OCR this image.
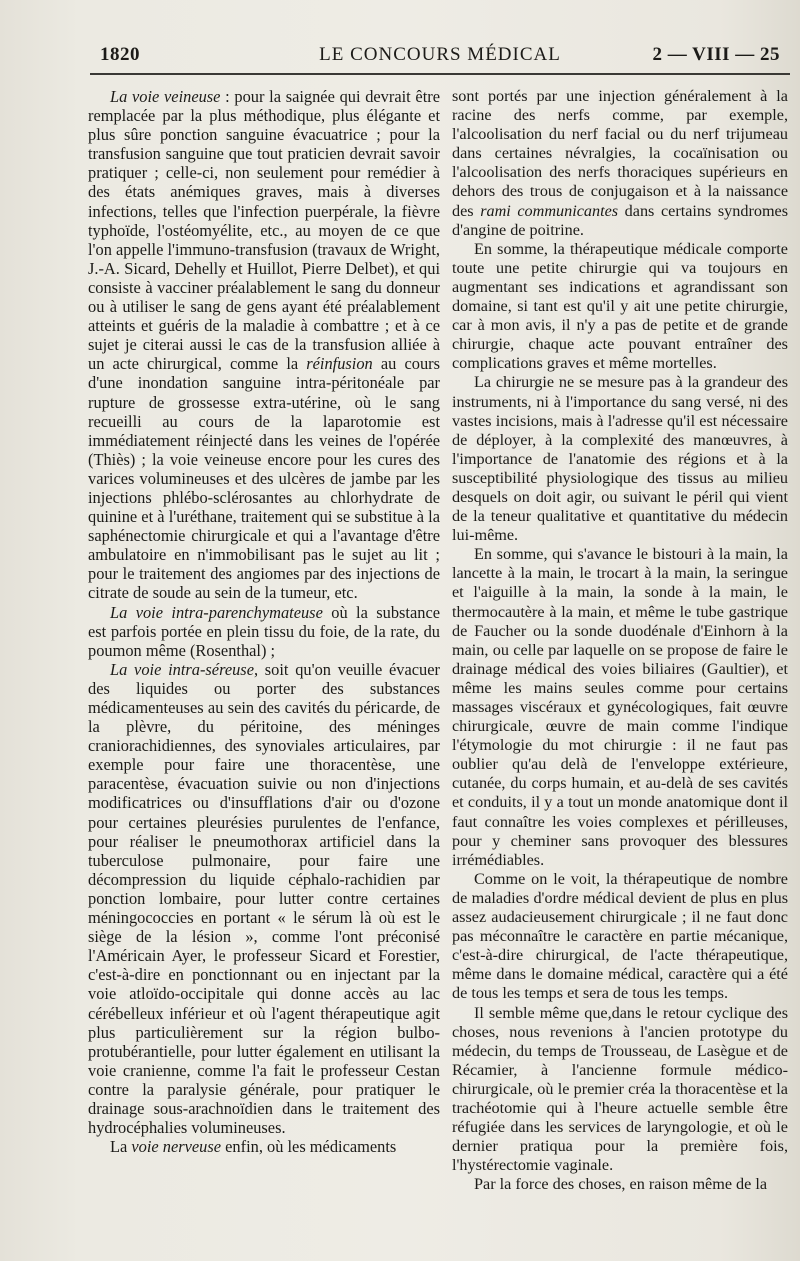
1820	LE CONCOURS MÉDICAL	2 — VIII — 25

La voie veineuse : pour la saignée qui devrait être remplacée par la plus méthodique, plus élégante et plus sûre ponction sanguine évacuatrice ; pour la transfusion sanguine que tout praticien devrait savoir pratiquer ; celle-ci, non seulement pour remédier à des états anémiques graves, mais à diverses infections, telles que l'infection puerpérale, la fièvre typhoïde, l'ostéomyélite, etc., au moyen de ce que l'on appelle l'immuno-transfusion (travaux de Wright, J.-A. Sicard, Dehelly et Huillot, Pierre Delbet), et qui consiste à vacciner préalablement le sang du donneur ou à utiliser le sang de gens ayant été préalablement atteints et guéris de la maladie à combattre ; et à ce sujet je citerai aussi le cas de la transfusion alliée à un acte chirurgical, comme la réinfusion au cours d'une inondation sanguine intra-péritonéale par rupture de grossesse extra-utérine, où le sang recueilli au cours de la laparotomie est immédiatement réinjecté dans les veines de l'opérée (Thiès) ; la voie veineuse encore pour les cures des varices volumineuses et des ulcères de jambe par les injections phlébo-sclérosantes au chlorhydrate de quinine et à l'uréthane, traitement qui se substitue à la saphénectomie chirurgicale et qui a l'avantage d'être ambulatoire en n'immobilisant pas le sujet au lit ; pour le traitement des angiomes par des injections de citrate de soude au sein de la tumeur, etc.

La voie intra-parenchymateuse où la substance est parfois portée en plein tissu du foie, de la rate, du poumon même (Rosenthal) ;

La voie intra-séreuse, soit qu'on veuille évacuer des liquides ou porter des substances médicamenteuses au sein des cavités du péricarde, de la plèvre, du péritoine, des méninges craniorachidiennes, des synoviales articulaires, par exemple pour faire une thoracentèse, une paracentèse, évacuation suivie ou non d'injections modificatrices ou d'insufflations d'air ou d'ozone pour certaines pleurésies purulentes de l'enfance, pour réaliser le pneumothorax artificiel dans la tuberculose pulmonaire, pour faire une décompression du liquide céphalo-rachidien par ponction lombaire, pour lutter contre certaines méningococcies en portant « le sérum là où est le siège de la lésion », comme l'ont préconisé l'Américain Ayer, le professeur Sicard et Forestier, c'est-à-dire en ponctionnant ou en injectant par la voie atloïdo-occipitale qui donne accès au lac cérébelleux inférieur et où l'agent thérapeutique agit plus particulièrement sur la région bulbo-protubérantielle, pour lutter également en utilisant la voie cranienne, comme l'a fait le professeur Cestan contre la paralysie générale, pour pratiquer le drainage sous-arachnoïdien dans le traitement des hydrocéphalies volumineuses.

La voie nerveuse enfin, où les médicaments

sont portés par une injection généralement à la racine des nerfs comme, par exemple, l'alcoolisation du nerf facial ou du nerf trijumeau dans certaines névralgies, la cocaïnisation ou l'alcoolisation des nerfs thoraciques supérieurs en dehors des trous de conjugaison et à la naissance des rami communicantes dans certains syndromes d'angine de poitrine.

En somme, la thérapeutique médicale comporte toute une petite chirurgie qui va toujours en augmentant ses indications et agrandissant son domaine, si tant est qu'il y ait une petite chirurgie, car à mon avis, il n'y a pas de petite et de grande chirurgie, chaque acte pouvant entraîner des complications graves et même mortelles.

La chirurgie ne se mesure pas à la grandeur des instruments, ni à l'importance du sang versé, ni des vastes incisions, mais à l'adresse qu'il est nécessaire de déployer, à la complexité des manœuvres, à l'importance de l'anatomie des régions et à la susceptibilité physiologique des tissus au milieu desquels on doit agir, ou suivant le péril qui vient de la teneur qualitative et quantitative du médecin lui-même.

En somme, qui s'avance le bistouri à la main, la lancette à la main, le trocart à la main, la seringue et l'aiguille à la main, la sonde à la main, le thermocautère à la main, et même le tube gastrique de Faucher ou la sonde duodénale d'Einhorn à la main, ou celle par laquelle on se propose de faire le drainage médical des voies biliaires (Gaultier), et même les mains seules comme pour certains massages viscéraux et gynécologiques, fait œuvre chirurgicale, œuvre de main comme l'indique l'étymologie du mot chirurgie : il ne faut pas oublier qu'au delà de l'enveloppe extérieure, cutanée, du corps humain, et au-delà de ses cavités et conduits, il y a tout un monde anatomique dont il faut connaître les voies complexes et périlleuses, pour y cheminer sans provoquer des blessures irrémédiables.

Comme on le voit, la thérapeutique de nombre de maladies d'ordre médical devient de plus en plus assez audacieusement chirurgicale ; il ne faut donc pas méconnaître le caractère en partie mécanique, c'est-à-dire chirurgical, de l'acte thérapeutique, même dans le domaine médical, caractère qui a été de tous les temps et sera de tous les temps.

Il semble même que,dans le retour cyclique des choses, nous revenions à l'ancien prototype du médecin, du temps de Trousseau, de Lasègue et de Récamier, à l'ancienne formule médico-chirurgicale, où le premier créa la thoracentèse et la trachéotomie qui à l'heure actuelle semble être réfugiée dans les services de laryngologie, et où le dernier pratiqua pour la première fois, l'hystérectomie vaginale.

Par la force des choses, en raison même de la
